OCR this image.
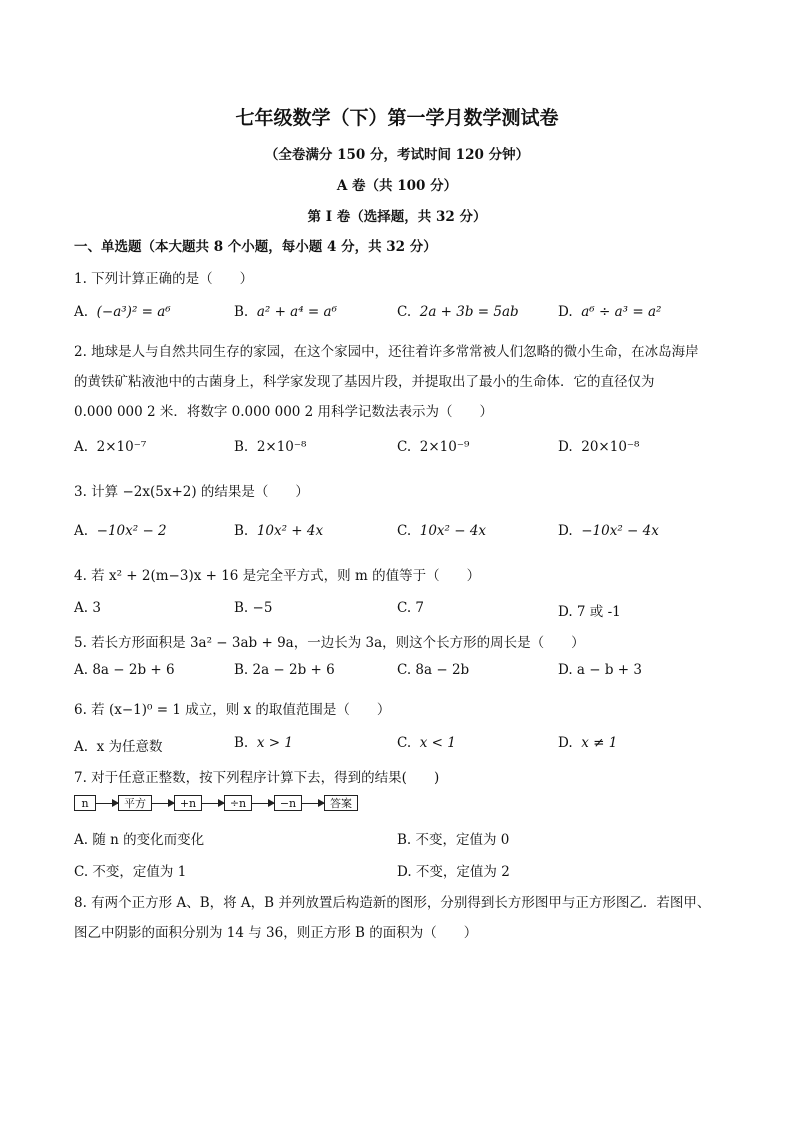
七年级数学（下）第一学月数学测试卷
（全卷满分 150 分，考试时间 120 分钟）
A 卷（共 100 分）
第 I 卷（选择题，共 32 分）
一、单选题（本大题共 8 个小题，每小题 4 分，共 32 分）
1. 下列计算正确的是（　　）
A. (−a³)² = a⁶	B. a² + a⁴ = a⁶	C. 2a + 3b = 5ab	D. a⁶ ÷ a³ = a²
2. 地球是人与自然共同生存的家园，在这个家园中，还往着许多常常被人们忽略的微小生命，在冰岛海岸
的黄铁矿粘液池中的古菌身上，科学家发现了基因片段，并提取出了最小的生命体．它的直径仅为
0.000 000 2 米．将数字 0.000 000 2 用科学记数法表示为（　　）
A. 2×10⁻⁷	B. 2×10⁻⁸	C. 2×10⁻⁹	D. 20×10⁻⁸
3. 计算 −2x(5x+2) 的结果是（　　）
A. −10x² − 2	B. 10x² + 4x	C. 10x² − 4x	D. −10x² − 4x
4. 若 x² + 2(m−3)x + 16 是完全平方式，则 m 的值等于（　　）
A. 3	B. −5	C. 7	D. 7 或 -1
5. 若长方形面积是 3a² − 3ab + 9a，一边长为 3a，则这个长方形的周长是（　　）
A. 8a − 2b + 6	B. 2a − 2b + 6	C. 8a − 2b	D. a − b + 3
6. 若 (x−1)⁰ = 1 成立，则 x 的取值范围是（　　）
A. x 为任意数	B. x > 1	C. x < 1	D. x ≠ 1
7. 对于任意正整数，按下列程序计算下去，得到的结果(　　)
n	平方	+n	÷n	−n	答案
A. 随 n 的变化而变化	B. 不变，定值为 0
C. 不变，定值为 1	D. 不变，定值为 2
8. 有两个正方形 A、B，将 A，B 并列放置后构造新的图形，分别得到长方形图甲与正方形图乙．若图甲、
图乙中阴影的面积分别为 14 与 36，则正方形 B 的面积为（　　）
